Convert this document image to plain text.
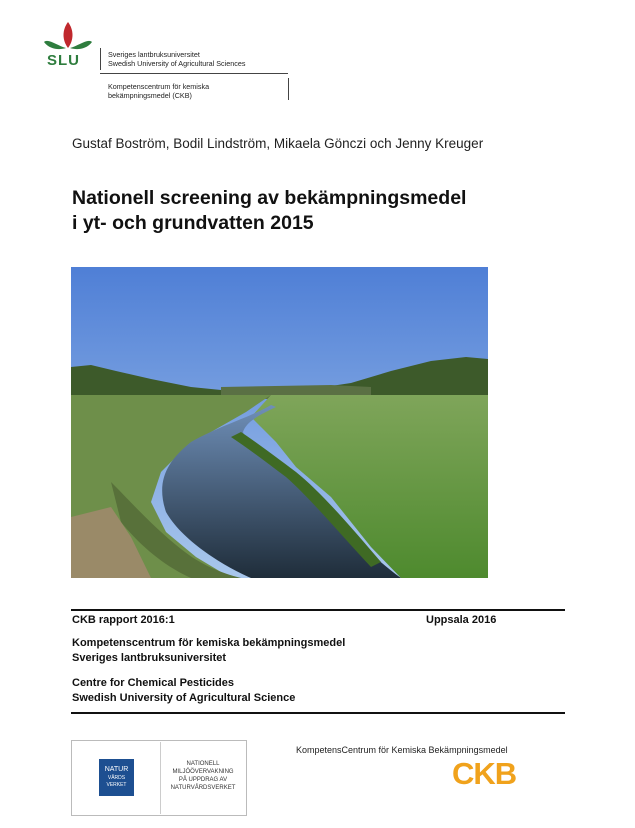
SLU	Sveriges lantbruksuniversitet
Swedish University of Agricultural Sciences
Kompetenscentrum för kemiska
bekämpningsmedel (CKB)
Gustaf Boström, Bodil Lindström, Mikaela Gönczi och Jenny Kreuger
Nationell screening av bekämpningsmedel
i yt- och grundvatten 2015
CKB rapport 2016:1	Uppsala 2016
Kompetenscentrum för kemiska bekämpningsmedel
Sveriges lantbruksuniversitet
Centre for Chemical Pesticides
Swedish University of Agricultural Science
NATUR
VÅRDS
VERKET
NATIONELL
MILJÖÖVERVAKNING
PÅ UPPDRAG AV
NATURVÅRDSVERKET
KompetensCentrum för Kemiska Bekämpningsmedel
CKB
